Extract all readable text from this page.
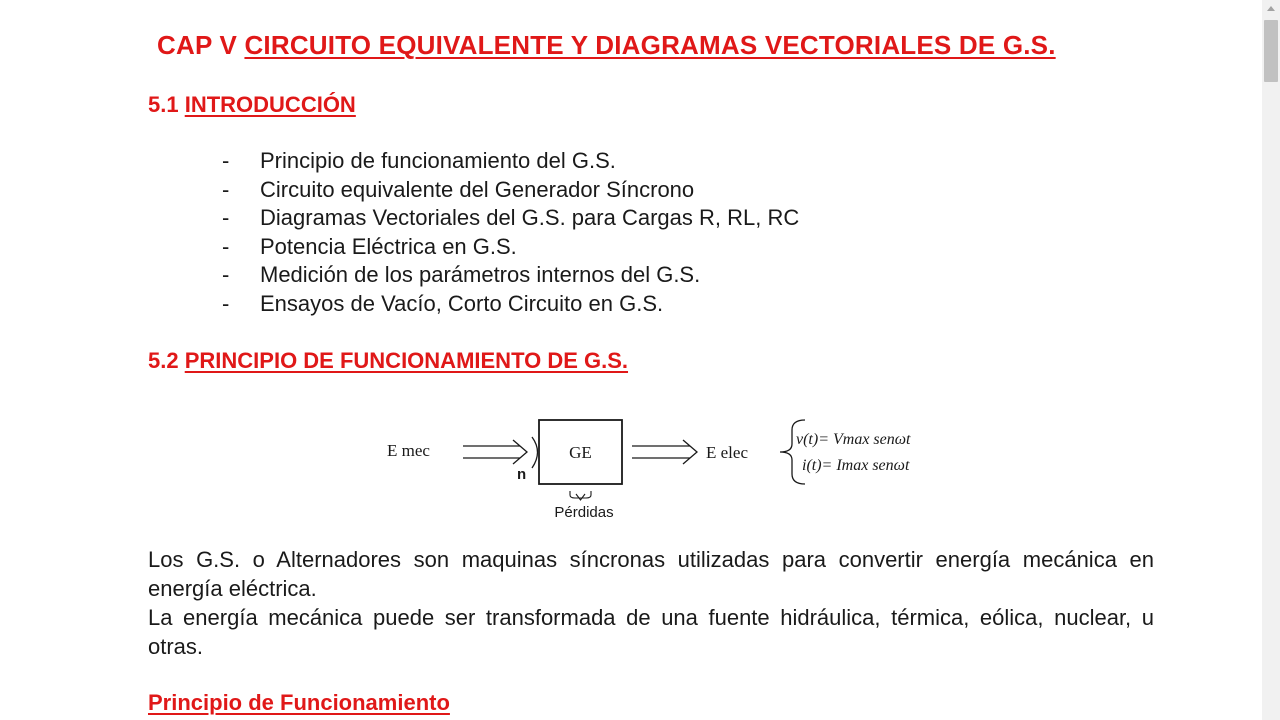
CAP V CIRCUITO EQUIVALENTE Y DIAGRAMAS VECTORIALES DE G.S.
5.1 INTRODUCCIÓN
- Principio de funcionamiento del G.S.
- Circuito equivalente del Generador Síncrono
- Diagramas Vectoriales del G.S. para Cargas R, RL, RC
- Potencia Eléctrica en G.S.
- Medición de los parámetros internos del G.S.
- Ensayos de Vacío, Corto Circuito en G.S.
5.2 PRINCIPIO DE FUNCIONAMIENTO DE G.S.
E mec
n
GE	E elec
v(t)= Vmax senωt
i(t)= Imax senωt
Pérdidas

Los G.S. o Alternadores son maquinas síncronas utilizadas para convertir energía mecánica en energía eléctrica.

La energía mecánica puede ser transformada de una fuente hidráulica, térmica, eólica, nuclear, u otras.

Principio de Funcionamiento
